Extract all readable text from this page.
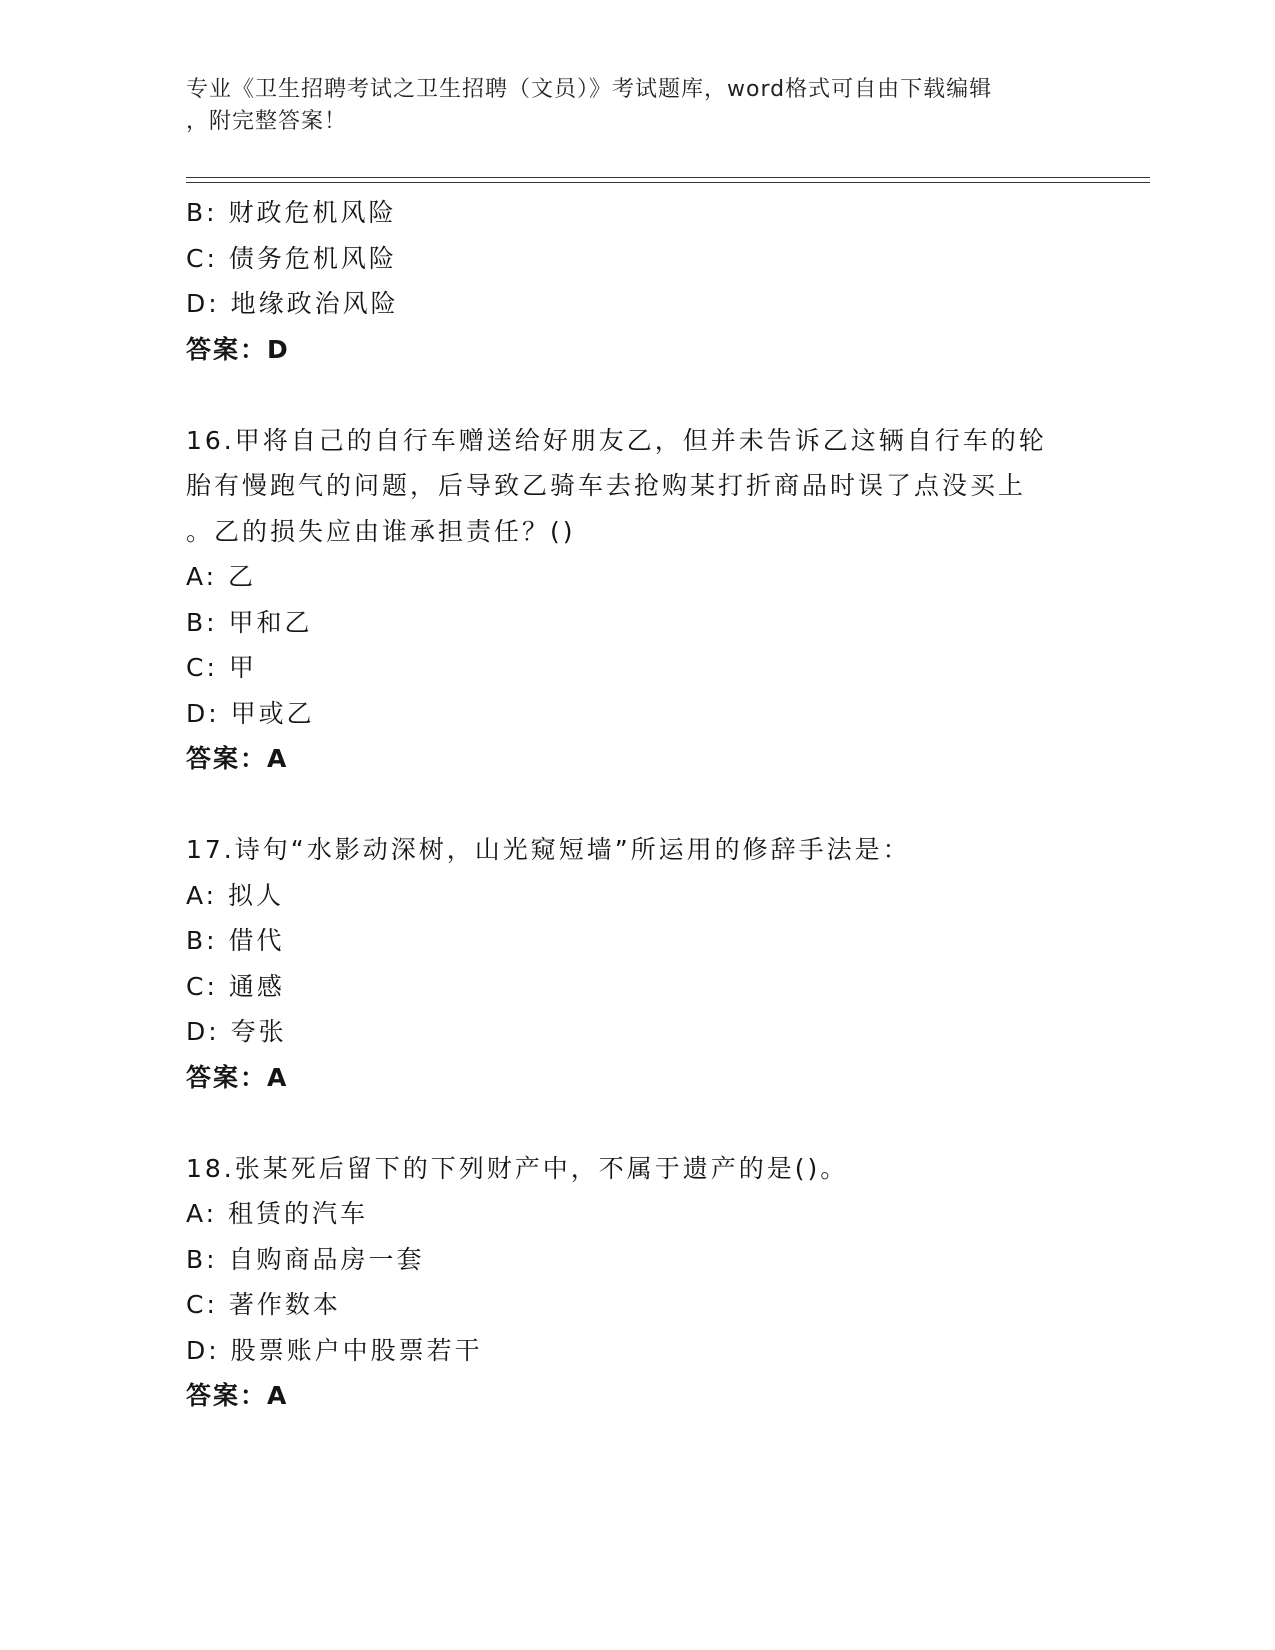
专业《卫生招聘考试之卫生招聘（文员）》考试题库，word格式可自由下载编辑
，附完整答案！
B: 财政危机风险
C: 债务危机风险
D: 地缘政治风险
答案：D
16.甲将自己的自行车赠送给好朋友乙，但并未告诉乙这辆自行车的轮
胎有慢跑气的问题，后导致乙骑车去抢购某打折商品时误了点没买上
。乙的损失应由谁承担责任？()
A: 乙
B: 甲和乙
C: 甲
D: 甲或乙
答案：A
17.诗句“水影动深树，山光窥短墙”所运用的修辞手法是：
A: 拟人
B: 借代
C: 通感
D: 夸张
答案：A
18.张某死后留下的下列财产中，不属于遗产的是()。
A: 租赁的汽车
B: 自购商品房一套
C: 著作数本
D: 股票账户中股票若干
答案：A
